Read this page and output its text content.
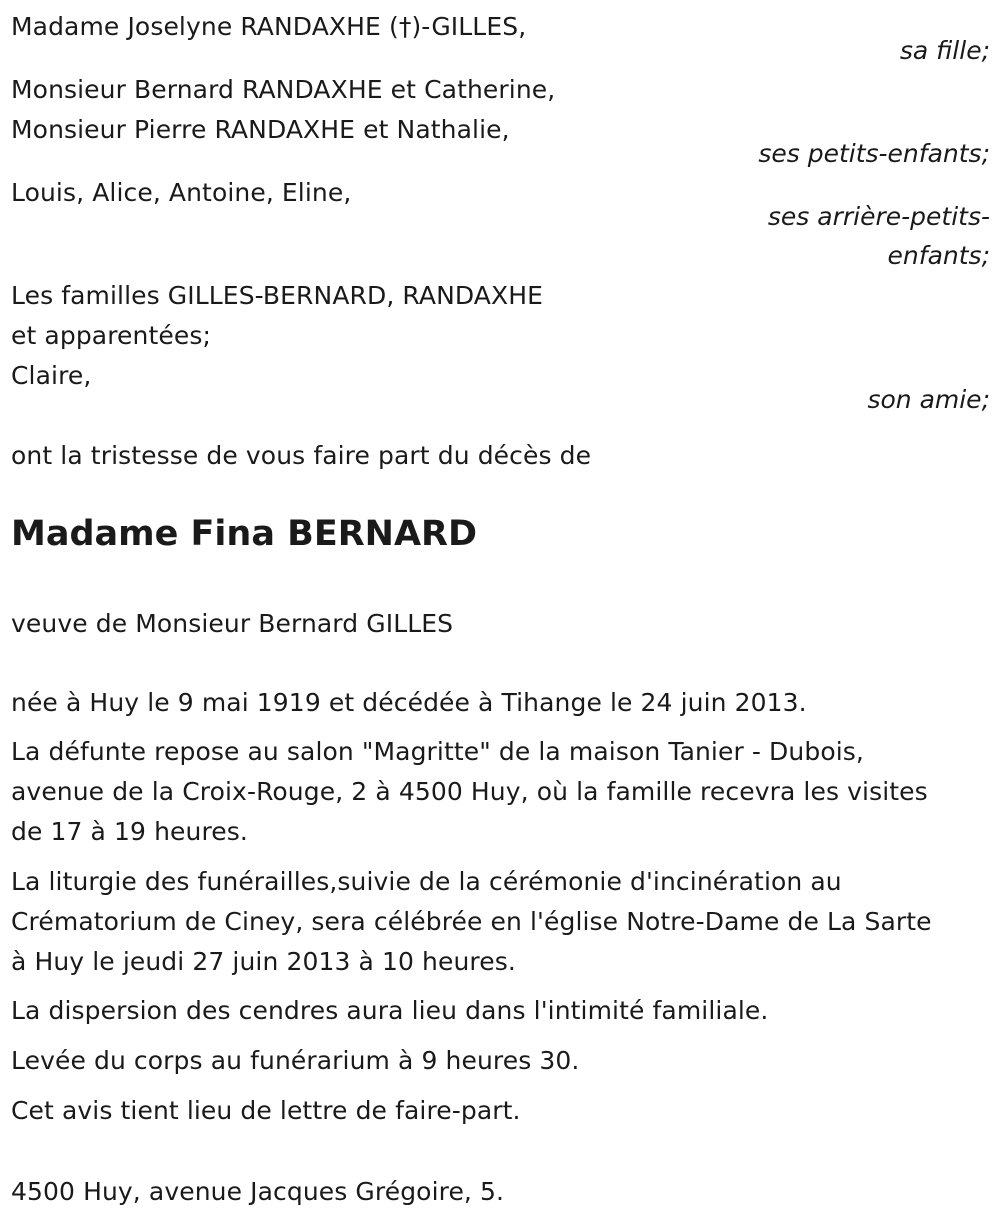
Madame Joselyne RANDAXHE (†)-GILLES,
sa fille;
Monsieur Bernard RANDAXHE et Catherine,
Monsieur Pierre RANDAXHE et Nathalie,
ses petits-enfants;
Louis, Alice, Antoine, Eline,
ses arrière-petits-
enfants;
Les familles GILLES-BERNARD, RANDAXHE
et apparentées;
Claire,
son amie;
ont la tristesse de vous faire part du décès de
Madame Fina BERNARD
veuve de Monsieur Bernard GILLES
née à Huy le 9 mai 1919 et décédée à Tihange le 24 juin 2013.
La défunte repose au salon "Magritte" de la maison Tanier - Dubois,
avenue de la Croix-Rouge, 2 à 4500 Huy, où la famille recevra les visites
de 17 à 19 heures.
La liturgie des funérailles,suivie de la cérémonie d'incinération au
Crématorium de Ciney, sera célébrée en l'église Notre-Dame de La Sarte
à Huy le jeudi 27 juin 2013 à 10 heures.
La dispersion des cendres aura lieu dans l'intimité familiale.
Levée du corps au funérarium à 9 heures 30.
Cet avis tient lieu de lettre de faire-part.
4500 Huy, avenue Jacques Grégoire, 5.
